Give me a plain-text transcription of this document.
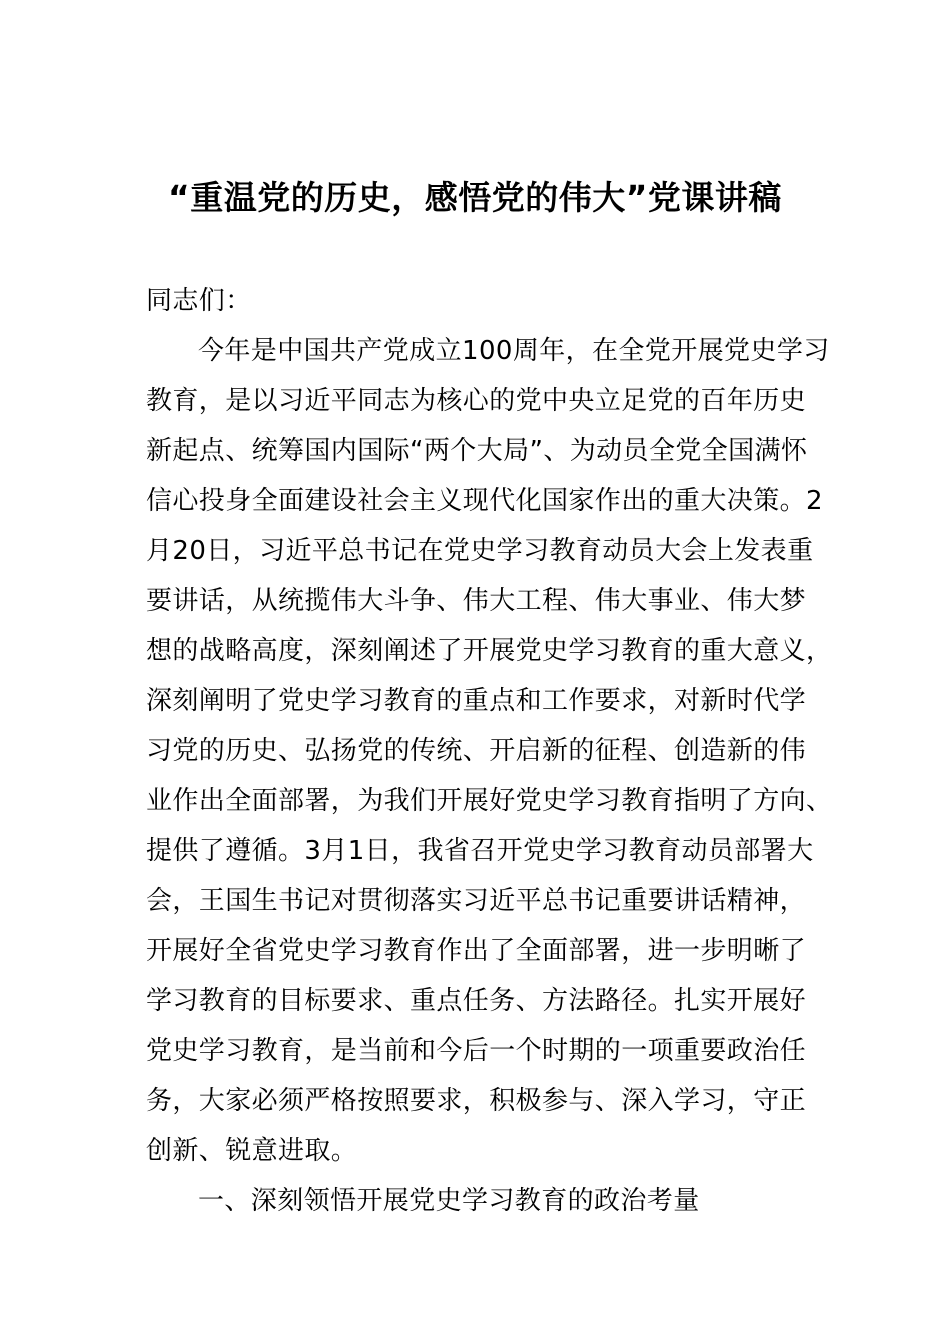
“重温党的历史，感悟党的伟大”党课讲稿
同志们：
今年是中国共产党成立100周年，在全党开展党史学习
教育，是以习近平同志为核心的党中央立足党的百年历史
新起点、统筹国内国际“两个大局”、为动员全党全国满怀
信心投身全面建设社会主义现代化国家作出的重大决策。2
月20日，习近平总书记在党史学习教育动员大会上发表重
要讲话，从统揽伟大斗争、伟大工程、伟大事业、伟大梦
想的战略高度，深刻阐述了开展党史学习教育的重大意义，
深刻阐明了党史学习教育的重点和工作要求，对新时代学
习党的历史、弘扬党的传统、开启新的征程、创造新的伟
业作出全面部署，为我们开展好党史学习教育指明了方向、
提供了遵循。3月1日，我省召开党史学习教育动员部署大
会，王国生书记对贯彻落实习近平总书记重要讲话精神，
开展好全省党史学习教育作出了全面部署，进一步明晰了
学习教育的目标要求、重点任务、方法路径。扎实开展好
党史学习教育，是当前和今后一个时期的一项重要政治任
务，大家必须严格按照要求，积极参与、深入学习，守正
创新、锐意进取。
一、深刻领悟开展党史学习教育的政治考量
